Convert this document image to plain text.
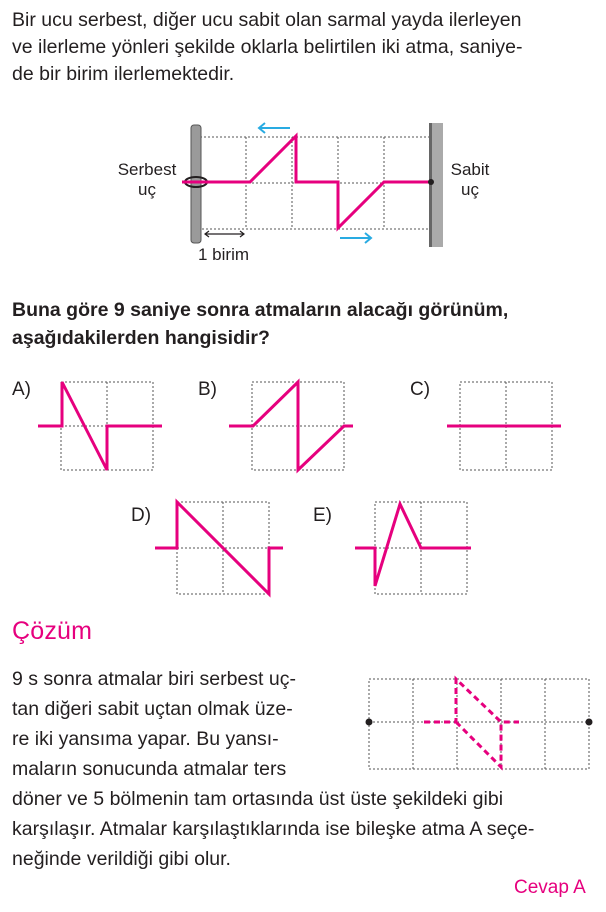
Bir ucu serbest, diğer ucu sabit olan sarmal yayda ilerleyen
ve ilerleme yönleri şekilde oklarla belirtilen iki atma, saniye-
de bir birim ilerlemektedir.
Serbest
uç
Sabit
uç
1 birim
Buna göre 9 saniye sonra atmaların alacağı görünüm,
aşağıdakilerden hangisidir?
A)	B)	C)
D)	E)
Çözüm
9 s sonra atmalar biri serbest uç-
tan diğeri sabit uçtan olmak üze-
re iki yansıma yapar. Bu yansı-
maların sonucunda atmalar ters
döner ve 5 bölmenin tam ortasında üst üste şekildeki gibi
karşılaşır. Atmalar karşılaştıklarında ise bileşke atma A seçe-
neğinde verildiği gibi olur.
Cevap A
